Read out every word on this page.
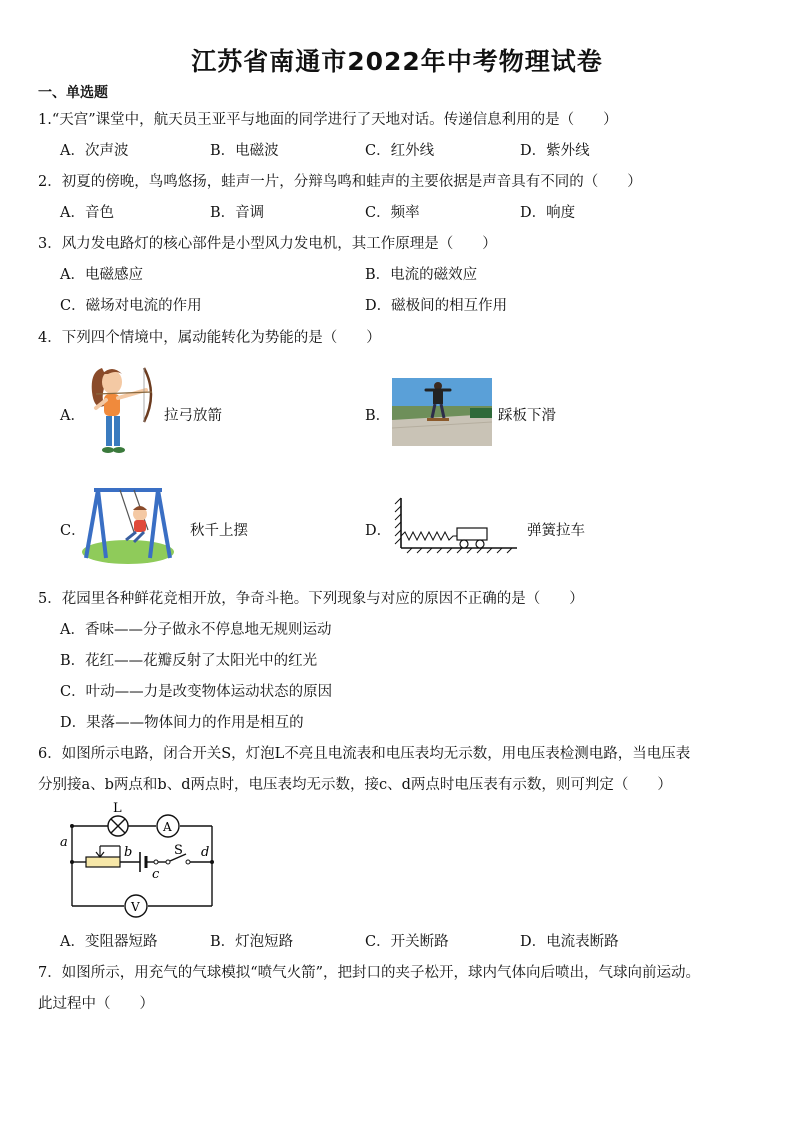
江苏省南通市2022年中考物理试卷
一、单选题
1.“天宫”课堂中，航天员王亚平与地面的同学进行了天地对话。传递信息利用的是（　　）
A．次声波	B．电磁波	C．红外线	D．紫外线
2．初夏的傍晚，鸟鸣悠扬，蛙声一片，分辩鸟鸣和蛙声的主要依据是声音具有不同的（　　）
A．音色	B．音调	C．频率	D．响度
3．风力发电路灯的核心部件是小型风力发电机，其工作原理是（　　）
A．电磁感应	B．电流的磁效应
C．磁场对电流的作用	D．磁极间的相互作用
4．下列四个情境中，属动能转化为势能的是（　　）
A．	拉弓放箭	B．	踩板下滑
C．	秋千上摆	D．	弹簧拉车
5．花园里各种鲜花竞相开放，争奇斗艳。下列现象与对应的原因不正确的是（　　）
A．香味——分子做永不停息地无规则运动
B．花红——花瓣反射了太阳光中的红光
C．叶动——力是改变物体运动状态的原因
D．果落——物体间力的作用是相互的
6．如图所示电路，闭合开关S，灯泡L不亮且电流表和电压表均无示数，用电压表检测电路，当电压表
分别接a、b两点和b、d两点时，电压表均无示数，接c、d两点时电压表有示数，则可判定（　　）
L
A
V
a
b
c
S d
A．变阻器短路	B．灯泡短路	C．开关断路	D．电流表断路
7．如图所示，用充气的气球模拟“喷气火箭”，把封口的夹子松开，球内气体向后喷出，气球向前运动。
此过程中（　　）
